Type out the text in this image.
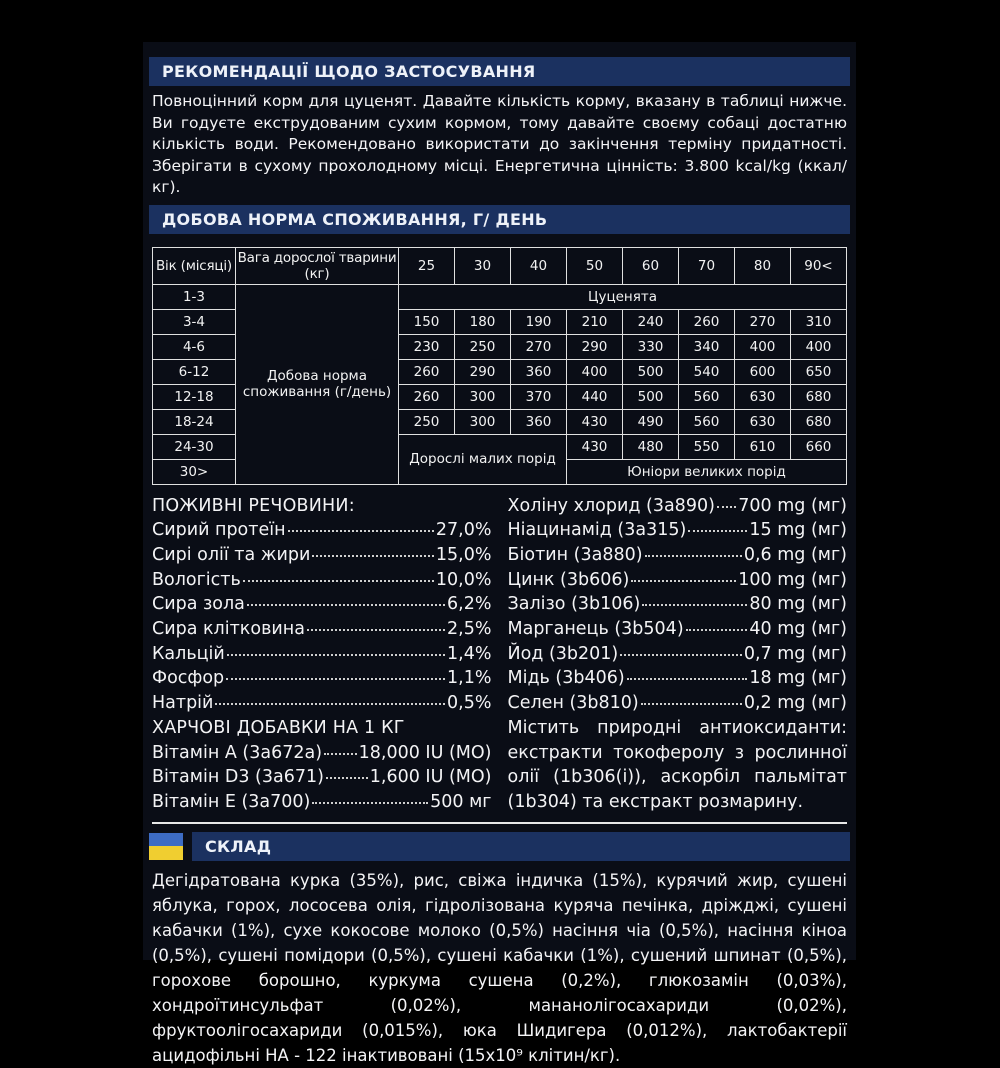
РЕКОМЕНДАЦІЇ ЩОДО ЗАСТОСУВАННЯ
Повноцінний корм для цуценят. Давайте кількість корму, вказану в таблиці нижче. Ви годуєте екструдованим сухим кормом, тому давайте своєму собаці достатню кількість води. Рекомендовано використати до закінчення терміну придатності. Зберігати в сухому прохолодному місці. Енергетична цінність: 3.800 kcal/kg (ккал/кг).
ДОБОВА НОРМА СПОЖИВАННЯ, Г/ ДЕНЬ
Вік (місяці)	Вага дорослої тварини (кг)	25	30	40	50	60	70	80	90<
1-3	Добова норма споживання (г/день)	Цуценята							
3-4		150	180	190	210	240	260	270	310
4-6		230	250	270	290	330	340	400	400
6-12		260	290	360	400	500	540	600	650
12-18		260	300	370	440	500	560	630	680
18-24		250	300	360	430	490	560	630	680
24-30		Дорослі малих порід			430	480	550	610	660
30>					Юніори великих порід				
ПОЖИВНІ РЕЧОВИНИ:
Сирий протеїн	27,0%
Сирі олії та жири	15,0%
Вологість	10,0%
Сира зола	6,2%
Сира клітковина	2,5%
Кальцій	1,4%
Фосфор	1,1%
Натрій	0,5%
ХАРЧОВІ ДОБАВКИ НА 1 КГ
Вітамін A (3a672a) 18,000 IU (МО)
Вітамін D3 (3a671)	1,600 IU (МО)
Вітамін E (3a700)	500 мг
Холіну хлорид (3a890) 700 mg (мг)
Ніацинамід (3a315)	15 mg (мг)
Біотин (3a880)	0,6 mg (мг)
Цинк (3b606)	100 mg (мг)
Залізо (3b106)	80 mg (мг)
Марганець (3b504)	40 mg (мг)
Йод (3b201)	0,7 mg (мг)
Мідь (3b406)	18 mg (мг)
Селен (3b810)	0,2 mg (мг)
Містить природні антиоксиданти: екстракти токоферолу з рослинної олії (1b306(i)), аскорбіл пальмітат (1b304) та екстракт розмарину.
СКЛАД
Дегідратована курка (35%), рис, свіжа індичка (15%), курячий жир, сушені яблука, горох, лососева олія, гідролізована куряча печінка, дріжджі, сушені кабачки (1%), сухе кокосове молоко (0,5%) насіння чіа (0,5%), насіння кіноа (0,5%), сушені помідори (0,5%), сушені кабачки (1%), сушений шпинат (0,5%), горохове борошно, куркума сушена (0,2%), глюкозамін (0,03%), хондроїтинсульфат (0,02%), мананолігосахариди (0,02%), фруктоолігосахариди (0,015%), юка Шидигера (0,012%), лактобактерії ацидофільні НА - 122 інактивовані (15x10⁹ клітин/кг).
